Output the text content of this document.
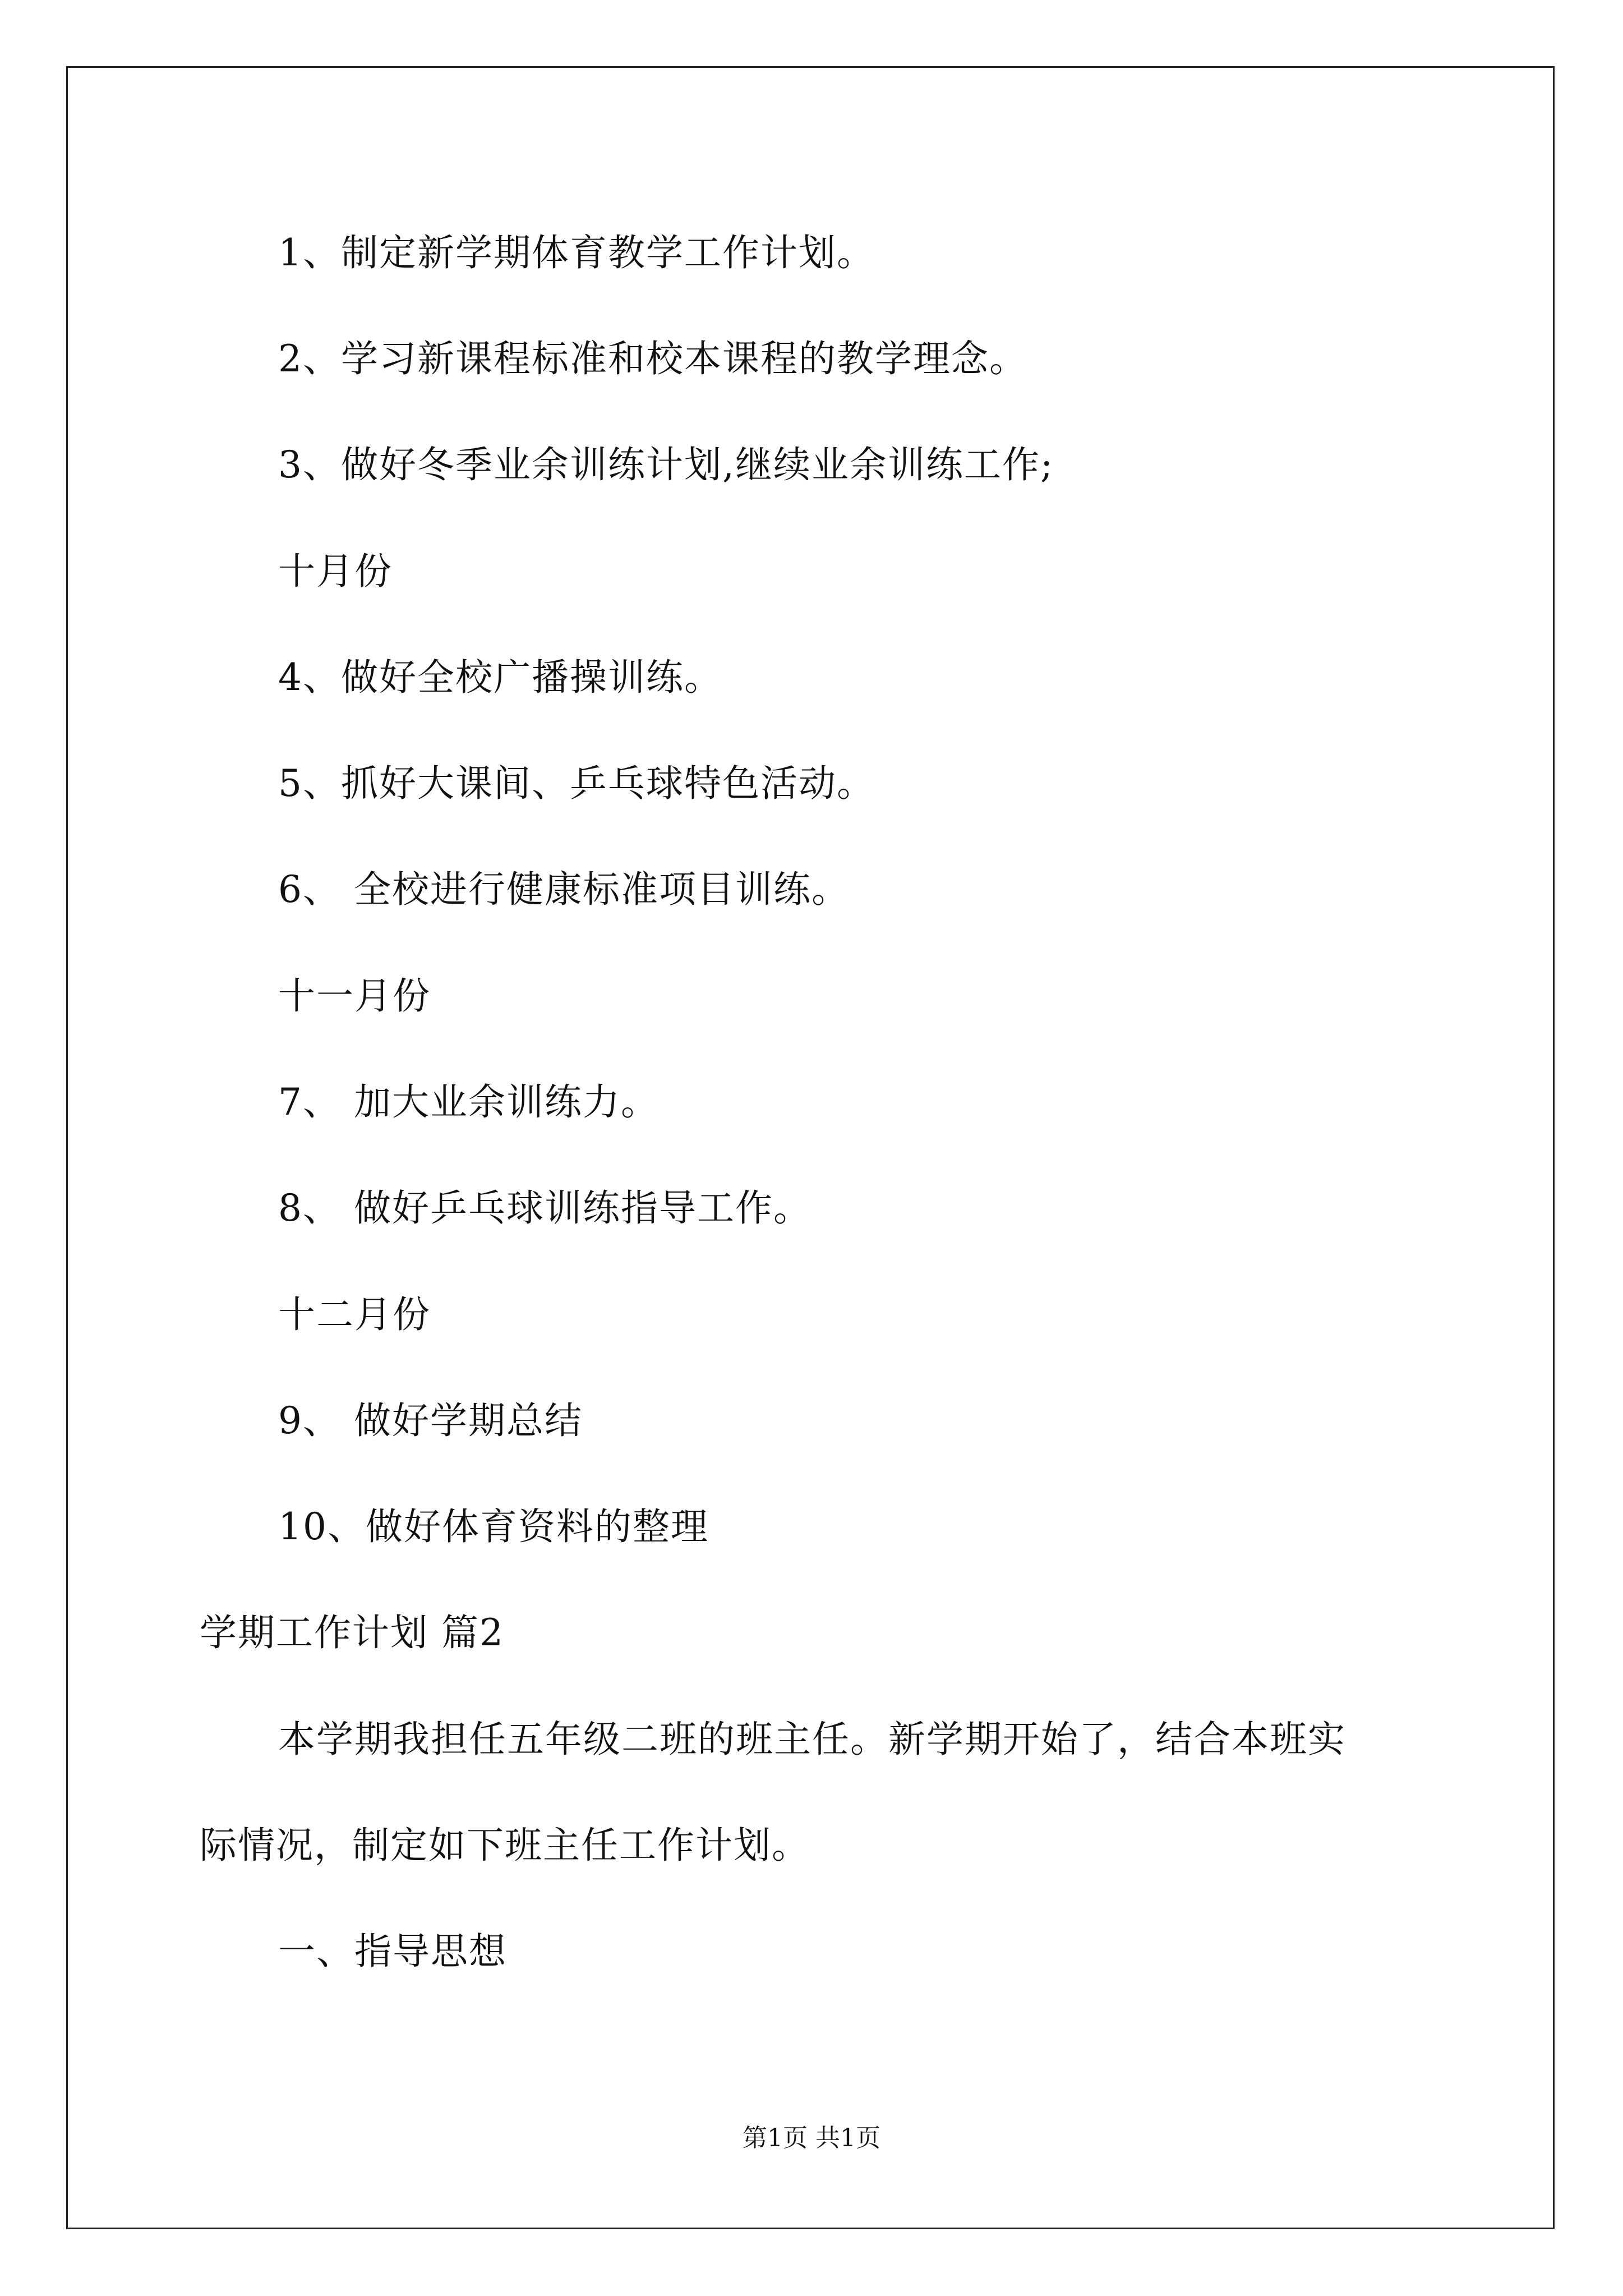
1、制定新学期体育教学工作计划。
2、学习新课程标准和校本课程的教学理念。
3、做好冬季业余训练计划,继续业余训练工作;
十月份
4、做好全校广播操训练。
5、抓好大课间、乒乓球特色活动。
6、 全校进行健康标准项目训练。
十一月份
7、 加大业余训练力。
8、 做好乒乓球训练指导工作。
十二月份
9、 做好学期总结
10、做好体育资料的整理
学期工作计划 篇2
本学期我担任五年级二班的班主任。新学期开始了，结合本班实
际情况，制定如下班主任工作计划。
一、指导思想
第1页 共1页
